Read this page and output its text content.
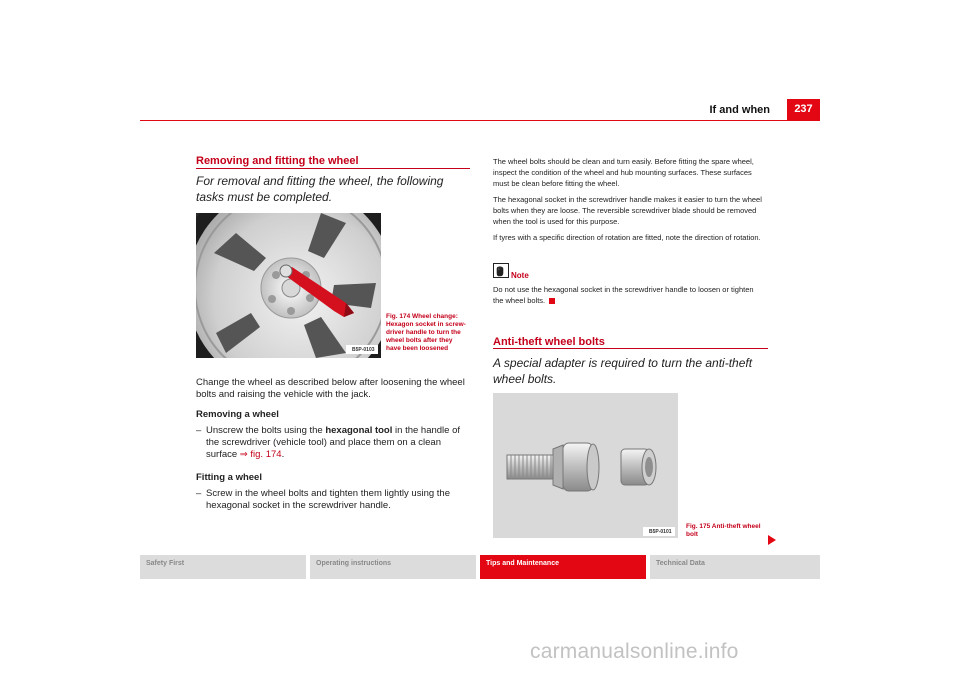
If and when	237
Removing and fitting the wheel
For removal and fitting the wheel, the following tasks must be completed.
B5P-0103
Fig. 174 Wheel change: Hexagon socket in screw-driver handle to turn the wheel bolts after they have been loosened
Change the wheel as described below after loosening the wheel bolts and raising the vehicle with the jack.
Removing a wheel
– Unscrew the bolts using the hexagonal tool in the handle of the screwdriver (vehicle tool) and place them on a clean surface ⇒ fig. 174.
Fitting a wheel
– Screw in the wheel bolts and tighten them lightly using the hexagonal socket in the screwdriver handle.
The wheel bolts should be clean and turn easily. Before fitting the spare wheel, inspect the condition of the wheel and hub mounting surfaces. These surfaces must be clean before fitting the wheel.
The hexagonal socket in the screwdriver handle makes it easier to turn the wheel bolts when they are loose. The reversible screwdriver blade should be removed when the tool is used for this purpose.
If tyres with a specific direction of rotation are fitted, note the direction of rotation.
Note
Do not use the hexagonal socket in the screwdriver handle to loosen or tighten the wheel bolts.
Anti-theft wheel bolts
A special adapter is required to turn the anti-theft wheel bolts.
B5P-0101
Fig. 175 Anti-theft wheel bolt
Safety First	Operating instructions	Tips and Maintenance	Technical Data
carmanualsonline.info
